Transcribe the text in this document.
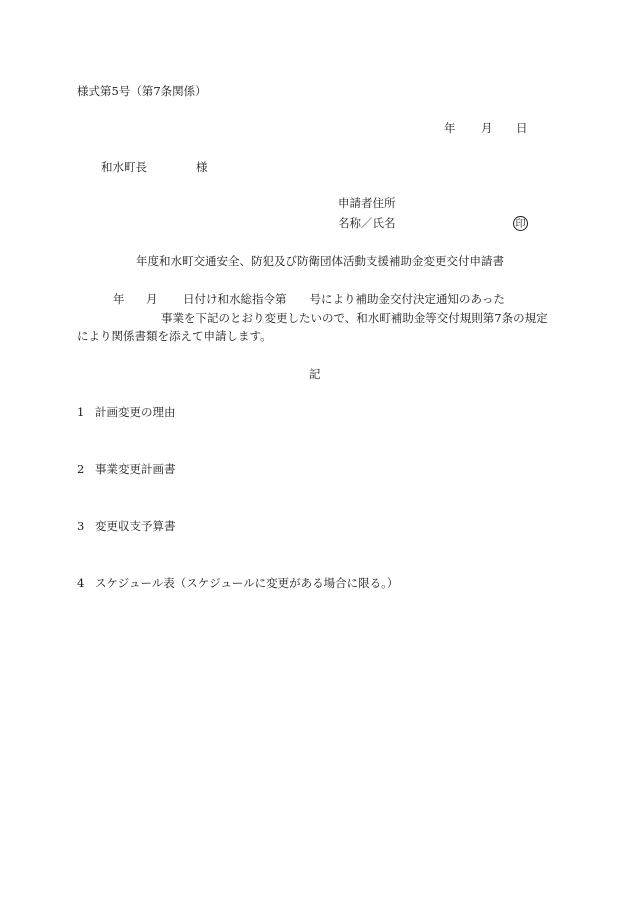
様式第5号（第7条関係）
年 月 日
和水町長	様
申請者住所
名称／氏名	印
年度和水町交通安全、防犯及び防衛団体活動支援補助金変更交付申請書
年 月 日付け和水総指令第　　号により補助金交付決定通知のあった
事業を下記のとおり変更したいので、和水町補助金等交付規則第7条の規定
により関係書類を添えて申請します。
記
1 計画変更の理由
2 事業変更計画書
3 変更収支予算書
4 スケジュール表（スケジュールに変更がある場合に限る。）
